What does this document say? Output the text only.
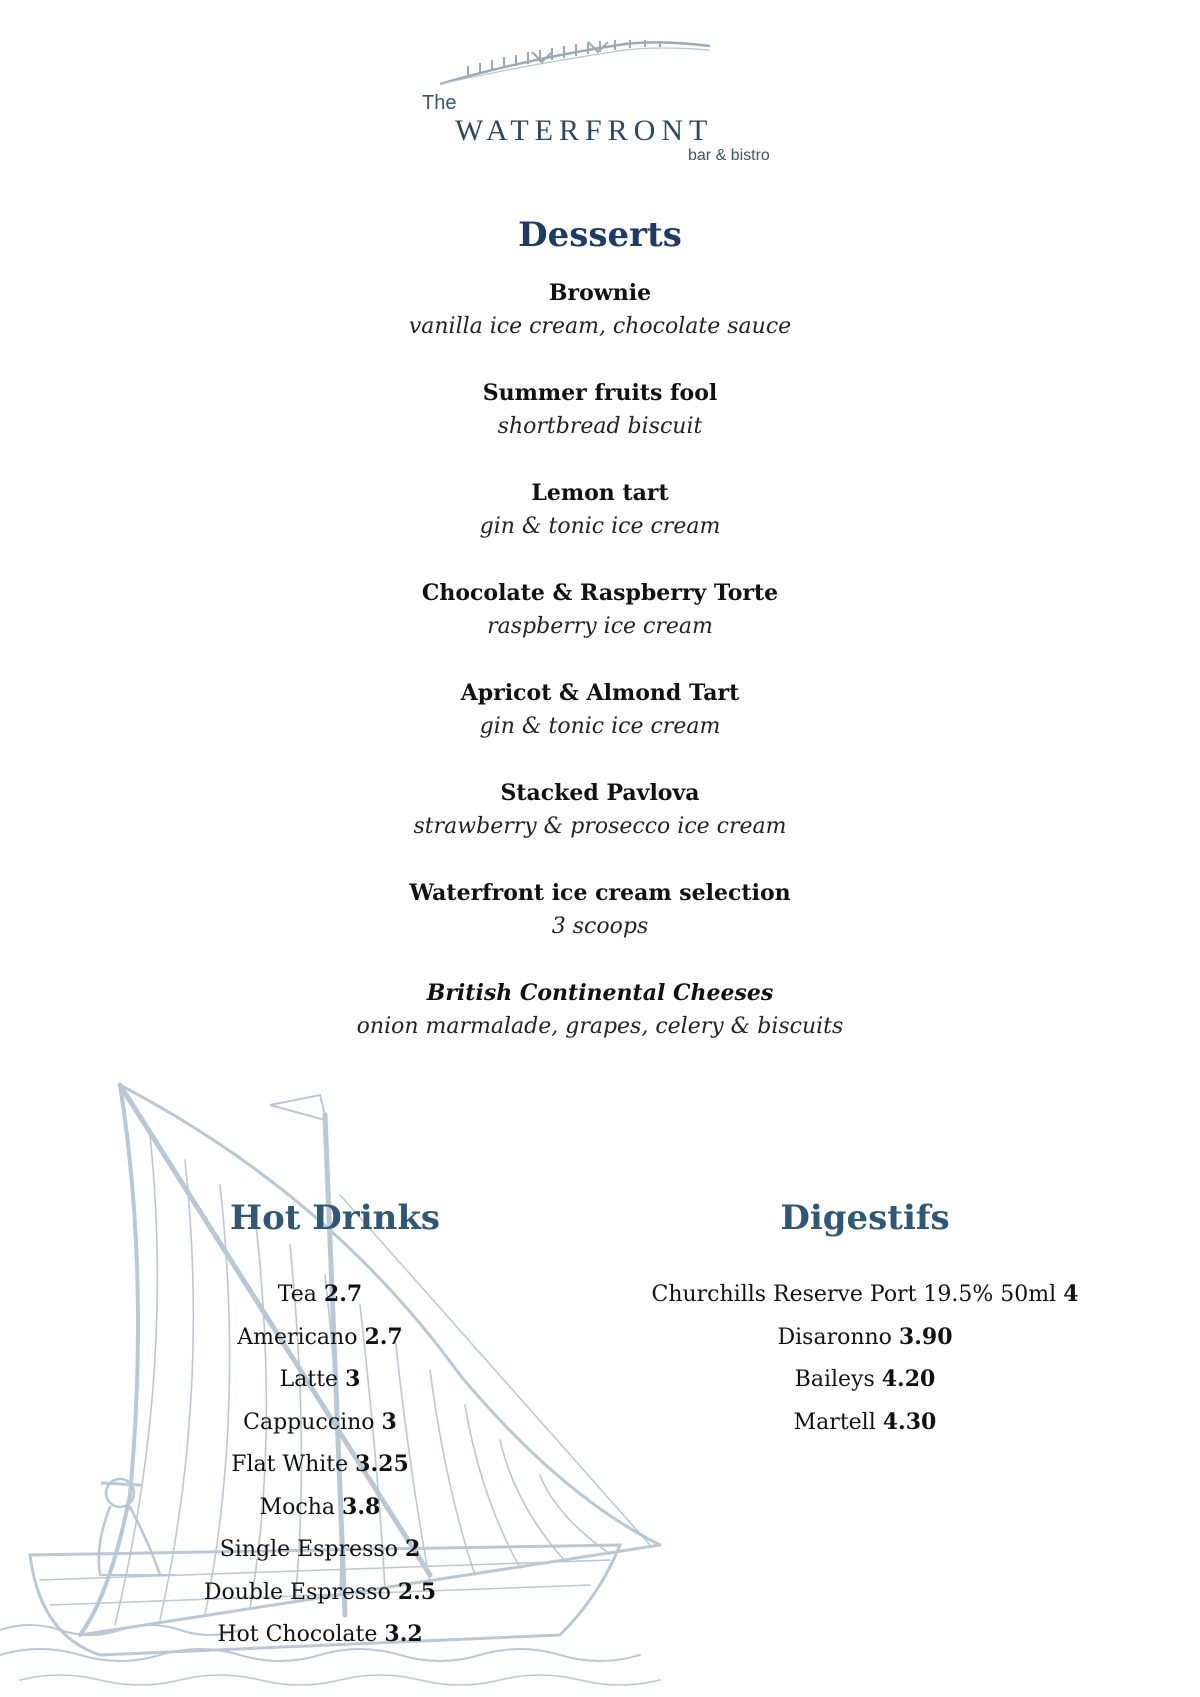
The
WATERFRONT
bar & bistro
Desserts
Brownie
vanilla ice cream, chocolate sauce
Summer fruits fool
shortbread biscuit
Lemon tart
gin & tonic ice cream
Chocolate & Raspberry Torte
raspberry ice cream
Apricot & Almond Tart
gin & tonic ice cream
Stacked Pavlova
strawberry & prosecco ice cream
Waterfront ice cream selection
3 scoops
British Continental Cheeses
onion marmalade, grapes, celery & biscuits
Hot Drinks
Tea 2.7
Americano 2.7
Latte 3
Cappuccino 3
Flat White 3.25
Mocha 3.8
Single Espresso 2
Double Espresso 2.5
Hot Chocolate 3.2
Digestifs
Churchills Reserve Port 19.5% 50ml 4
Disaronno 3.90
Baileys 4.20
Martell 4.30
